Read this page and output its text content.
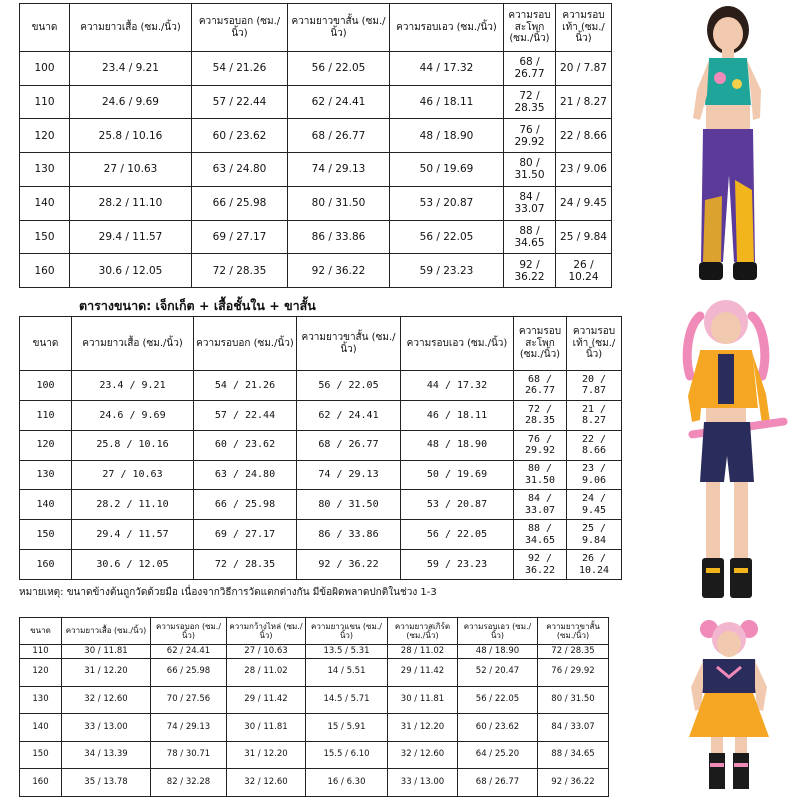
ขนาด	ความยาวเสื้อ (ซม./นิ้ว)	ความรอบอก (ซม./นิ้ว)	ความยาวขาสั้น (ซม./นิ้ว)	ความรอบเอว (ซม./นิ้ว)	ความรอบสะโพก (ซม./นิ้ว)	ความรอบเท้า (ซม./นิ้ว)
100	23.4 / 9.21	54 / 21.26	56 / 22.05	44 / 17.32	68 / 26.77	20 / 7.87
110	24.6 / 9.69	57 / 22.44	62 / 24.41	46 / 18.11	72 / 28.35	21 / 8.27
120	25.8 / 10.16	60 / 23.62	68 / 26.77	48 / 18.90	76 / 29.92	22 / 8.66
130	27 / 10.63	63 / 24.80	74 / 29.13	50 / 19.69	80 / 31.50	23 / 9.06
140	28.2 / 11.10	66 / 25.98	80 / 31.50	53 / 20.87	84 / 33.07	24 / 9.45
150	29.4 / 11.57	69 / 27.17	86 / 33.86	56 / 22.05	88 / 34.65	25 / 9.84
160	30.6 / 12.05	72 / 28.35	92 / 36.22	59 / 23.23	92 / 36.22	26 / 10.24
ตารางขนาด: เจ็กเก็ต + เสื้อชั้นใน + ขาสั้น
ขนาด	ความยาวเสื้อ (ซม./นิ้ว)	ความรอบอก (ซม./นิ้ว)	ความยาวขาสั้น (ซม./นิ้ว)	ความรอบเอว (ซม./นิ้ว)	ความรอบสะโพก (ซม./นิ้ว)	ความรอบเท้า (ซม./นิ้ว)
100	23.4 / 9.21	54 / 21.26	56 / 22.05	44 / 17.32	68 / 26.77	20 / 7.87
110	24.6 / 9.69	57 / 22.44	62 / 24.41	46 / 18.11	72 / 28.35	21 / 8.27
120	25.8 / 10.16	60 / 23.62	68 / 26.77	48 / 18.90	76 / 29.92	22 / 8.66
130	27 / 10.63	63 / 24.80	74 / 29.13	50 / 19.69	80 / 31.50	23 / 9.06
140	28.2 / 11.10	66 / 25.98	80 / 31.50	53 / 20.87	84 / 33.07	24 / 9.45
150	29.4 / 11.57	69 / 27.17	86 / 33.86	56 / 22.05	88 / 34.65	25 / 9.84
160	30.6 / 12.05	72 / 28.35	92 / 36.22	59 / 23.23	92 / 36.22	26 / 10.24
หมายเหตุ: ขนาดข้างต้นถูกวัดด้วยมือ เนื่องจากวิธีการวัดแตกต่างกัน มีข้อผิดพลาดปกติในช่วง 1-3
ขนาด	ความยาวเสื้อ (ซม./นิ้ว)	ความรอบอก (ซม./นิ้ว)	ความกว้างไหล่ (ซม./นิ้ว)	ความยาวแขน (ซม./นิ้ว)	ความยาวสเกิร์ต (ซม./นิ้ว)	ความรอบเอว (ซม./นิ้ว)	ความยาวขาสั้น (ซม./นิ้ว)
110	30 / 11.81	62 / 24.41	27 / 10.63	13.5 / 5.31	28 / 11.02	48 / 18.90	72 / 28.35
120	31 / 12.20	66 / 25.98	28 / 11.02	14 / 5.51	29 / 11.42	52 / 20.47	76 / 29.92
130	32 / 12.60	70 / 27.56	29 / 11.42	14.5 / 5.71	30 / 11.81	56 / 22.05	80 / 31.50
140	33 / 13.00	74 / 29.13	30 / 11.81	15 / 5.91	31 / 12.20	60 / 23.62	84 / 33.07
150	34 / 13.39	78 / 30.71	31 / 12.20	15.5 / 6.10	32 / 12.60	64 / 25.20	88 / 34.65
160	35 / 13.78	82 / 32.28	32 / 12.60	16 / 6.30	33 / 13.00	68 / 26.77	92 / 36.22
